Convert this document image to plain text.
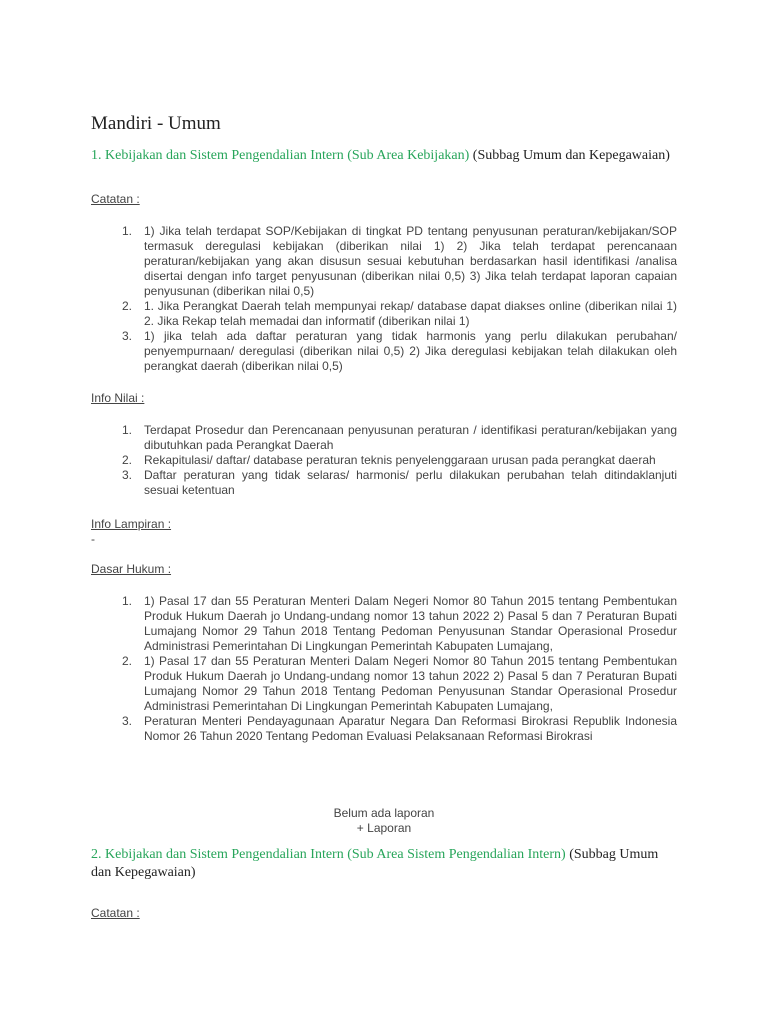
Mandiri - Umum

1. Kebijakan dan Sistem Pengendalian Intern (Sub Area Kebijakan) (Subbag Umum dan Kepegawaian)

Catatan :
1. 1) Jika telah terdapat SOP/Kebijakan di tingkat PD tentang penyusunan peraturan/kebijakan/SOP termasuk deregulasi kebijakan (diberikan nilai 1) 2) Jika telah terdapat perencanaan peraturan/kebijakan yang akan disusun sesuai kebutuhan berdasarkan hasil identifikasi /analisa disertai dengan info target penyusunan (diberikan nilai 0,5) 3) Jika telah terdapat laporan capaian penyusunan (diberikan nilai 0,5)
2. 1. Jika Perangkat Daerah telah mempunyai rekap/ database dapat diakses online (diberikan nilai 1) 2. Jika Rekap telah memadai dan informatif (diberikan nilai 1)
3. 1) jika telah ada daftar peraturan yang tidak harmonis yang perlu dilakukan perubahan/ penyempurnaan/ deregulasi (diberikan nilai 0,5) 2) Jika deregulasi kebijakan telah dilakukan oleh perangkat daerah (diberikan nilai 0,5)
Info Nilai :
1. Terdapat Prosedur dan Perencanaan penyusunan peraturan / identifikasi peraturan/kebijakan yang dibutuhkan pada Perangkat Daerah
2. Rekapitulasi/ daftar/ database peraturan teknis penyelenggaraan urusan pada perangkat daerah
3. Daftar peraturan yang tidak selaras/ harmonis/ perlu dilakukan perubahan telah ditindaklanjuti sesuai ketentuan
Info Lampiran :
-
Dasar Hukum :
1. 1) Pasal 17 dan 55 Peraturan Menteri Dalam Negeri Nomor 80 Tahun 2015 tentang Pembentukan Produk Hukum Daerah jo Undang-undang nomor 13 tahun 2022 2) Pasal 5 dan 7 Peraturan Bupati Lumajang Nomor 29 Tahun 2018 Tentang Pedoman Penyusunan Standar Operasional Prosedur Administrasi Pemerintahan Di Lingkungan Pemerintah Kabupaten Lumajang,
2. 1) Pasal 17 dan 55 Peraturan Menteri Dalam Negeri Nomor 80 Tahun 2015 tentang Pembentukan Produk Hukum Daerah jo Undang-undang nomor 13 tahun 2022 2) Pasal 5 dan 7 Peraturan Bupati Lumajang Nomor 29 Tahun 2018 Tentang Pedoman Penyusunan Standar Operasional Prosedur Administrasi Pemerintahan Di Lingkungan Pemerintah Kabupaten Lumajang,
3. Peraturan Menteri Pendayagunaan Aparatur Negara Dan Reformasi Birokrasi Republik Indonesia Nomor 26 Tahun 2020 Tentang Pedoman Evaluasi Pelaksanaan Reformasi Birokrasi
Belum ada laporan
+ Laporan

2. Kebijakan dan Sistem Pengendalian Intern (Sub Area Sistem Pengendalian Intern) (Subbag Umum dan Kepegawaian)

Catatan :
